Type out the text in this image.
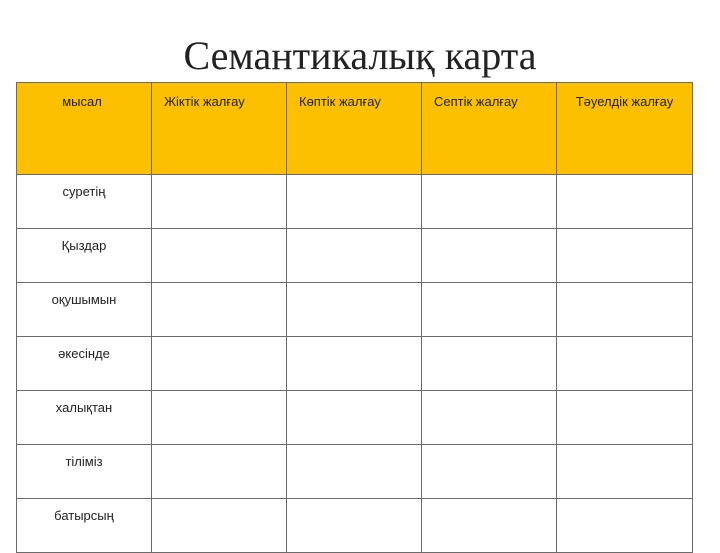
Семантикалық карта
мысал	Жіктік жалғау	Көптік жалғау	Септік жалғау	Тәуелдік жалғау
суретің				
Қыздар				
оқушымын				
әкесінде				
халықтан				
тіліміз				
батырсың				
